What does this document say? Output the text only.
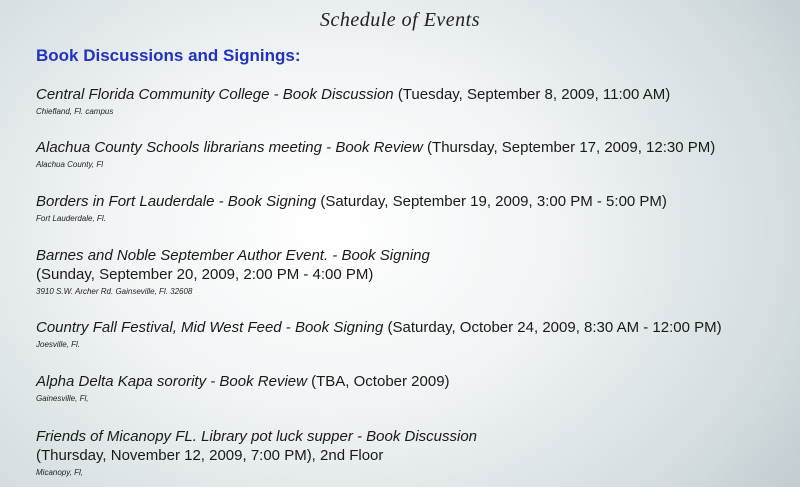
Schedule of Events
Book Discussions and Signings:
Central Florida Community College - Book Discussion (Tuesday, September 8, 2009, 11:00 AM)
Chiefland, Fl. campus
Alachua County Schools librarians meeting - Book Review (Thursday, September 17, 2009, 12:30 PM)
Alachua County, Fl
Borders in Fort Lauderdale - Book Signing (Saturday, September 19, 2009, 3:00 PM - 5:00 PM)
Fort Lauderdale, Fl.
Barnes and Noble September Author Event. - Book Signing
(Sunday, September 20, 2009, 2:00 PM - 4:00 PM)
3910 S.W. Archer Rd. Gainseville, Fl. 32608
Country Fall Festival, Mid West Feed - Book Signing (Saturday, October 24, 2009, 8:30 AM - 12:00 PM)
Joesville, Fl.
Alpha Delta Kapa sorority - Book Review (TBA, October 2009)
Gainesville, Fl,
Friends of Micanopy FL. Library pot luck supper - Book Discussion
(Thursday, November 12, 2009, 7:00 PM), 2nd Floor
Micanopy, Fl,
